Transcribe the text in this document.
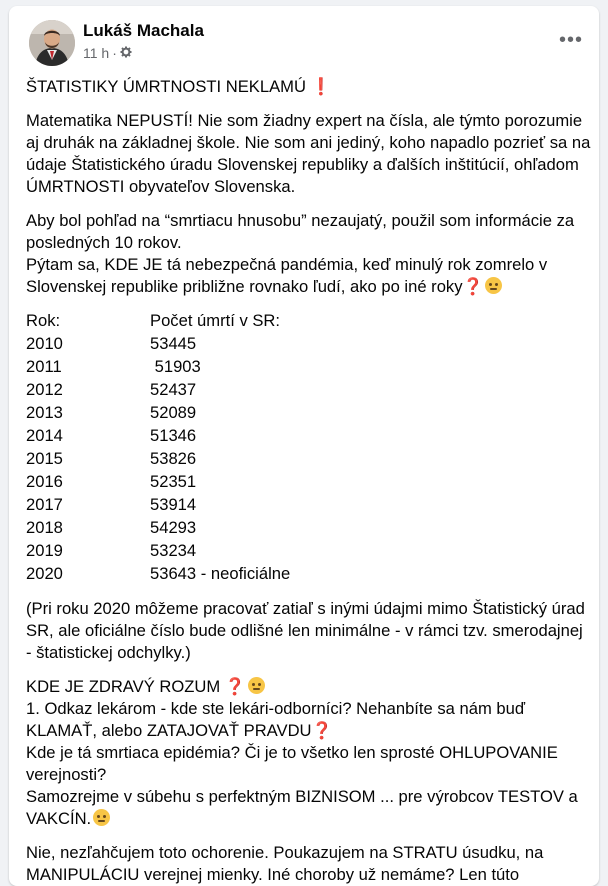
Lukáš Machala
11 h ·
•••

ŠTATISTIKY ÚMRTNOSTI NEKLAMÚ ❗

Matematika NEPUSTÍ! Nie som žiadny expert na čísla, ale týmto porozumie aj druhák na základnej škole. Nie som ani jediný, koho napadlo pozrieť sa na údaje Štatistického úradu Slovenskej republiky a ďalších inštitúcií, ohľadom ÚMRTNOSTI obyvateľov Slovenska.

Aby bol pohľad na “smrtiacu hnusobu” nezaujatý, použil som informácie za posledných 10 rokov.

Pýtam sa, KDE JE tá nebezpečná pandémia, keď minulý rok zomrelo v Slovenskej republike približne rovnako ľudí, ako po iné roky❓

Rok:	Počet úmrtí v SR:
2010	53445
2011	51903
2012	52437
2013	52089
2014	51346
2015	53826
2016	52351
2017	53914
2018	54293
2019	53234
2020	53643 - neoficiálne

(Pri roku 2020 môžeme pracovať zatiaľ s inými údajmi mimo Štatistický úrad SR, ale oficiálne číslo bude odlišné len minimálne - v rámci tzv. smerodajnej - štatistickej odchylky.)

KDE JE ZDRAVÝ ROZUM ❓

1. Odkaz lekárom - kde ste lekári-odborníci? Nehanbíte sa nám buď KLAMAŤ, alebo ZATAJOVAŤ PRAVDU❓

Kde je tá smrtiaca epidémia? Či je to všetko len sprosté OHLUPOVANIE verejnosti?

Samozrejme v súbehu s perfektným BIZNISOM ... pre výrobcov TESTOV a VAKCÍN.

Nie, nezľahčujem toto ochorenie. Poukazujem na STRATU úsudku, na MANIPULÁCIU verejnej mienky. Iné choroby už nemáme? Len túto
